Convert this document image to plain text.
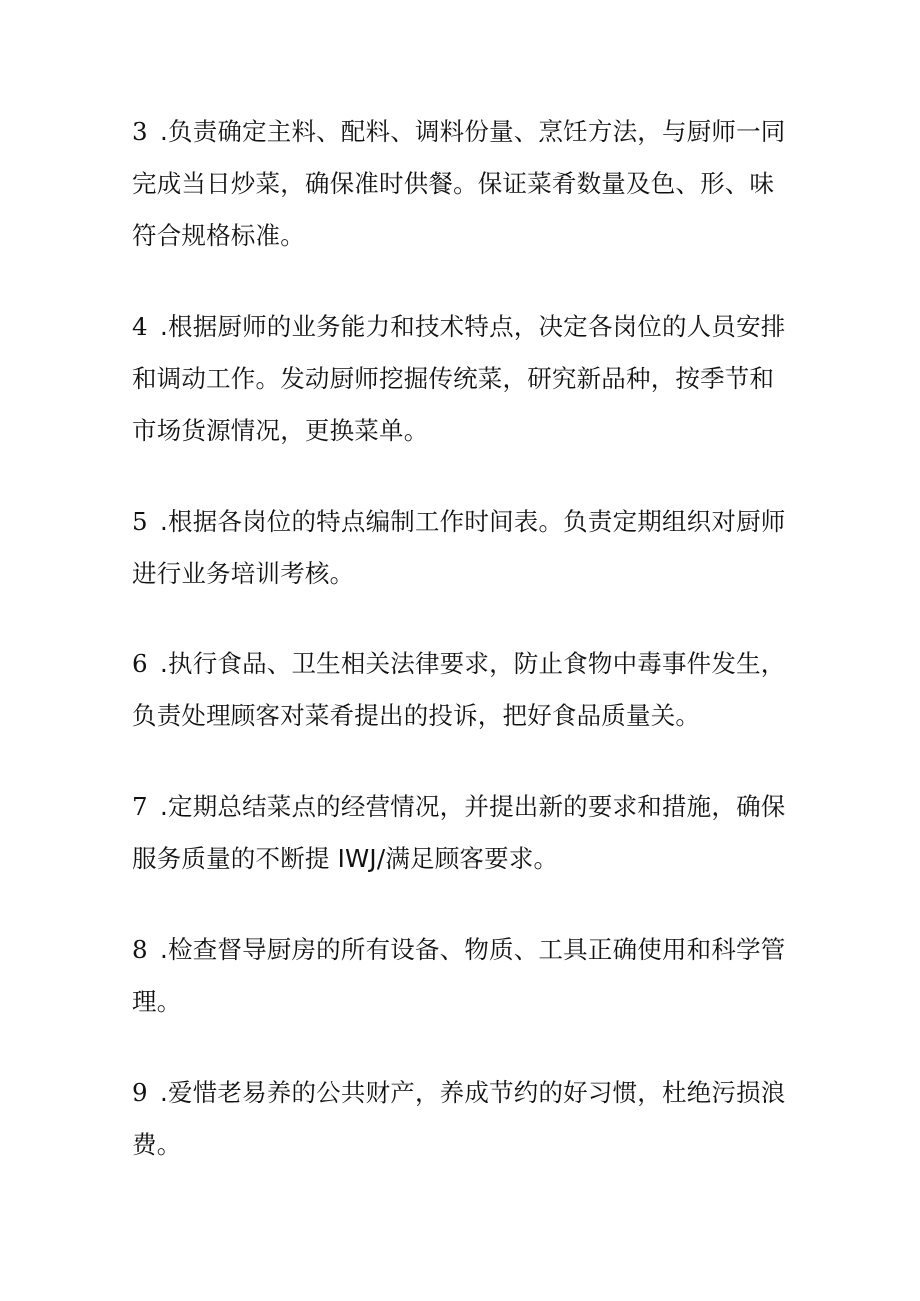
3 .负责确定主料、配料、调料份量、烹饪方法，与厨师一同完成当日炒菜，确保准时供餐。保证菜肴数量及色、形、味符合规格标准。

4 .根据厨师的业务能力和技术特点，决定各岗位的人员安排和调动工作。发动厨师挖掘传统菜，研究新品种，按季节和市场货源情况，更换菜单。

5 .根据各岗位的特点编制工作时间表。负责定期组织对厨师进行业务培训考核。

6 .执行食品、卫生相关法律要求，防止食物中毒事件发生，负责处理顾客对菜肴提出的投诉，把好食品质量关。

7 .定期总结菜点的经营情况，并提出新的要求和措施，确保服务质量的不断提 IWJ/满足顾客要求。

8 .检查督导厨房的所有设备、物质、工具正确使用和科学管理。

9 .爱惜老易养的公共财产，养成节约的好习惯，杜绝污损浪费。
